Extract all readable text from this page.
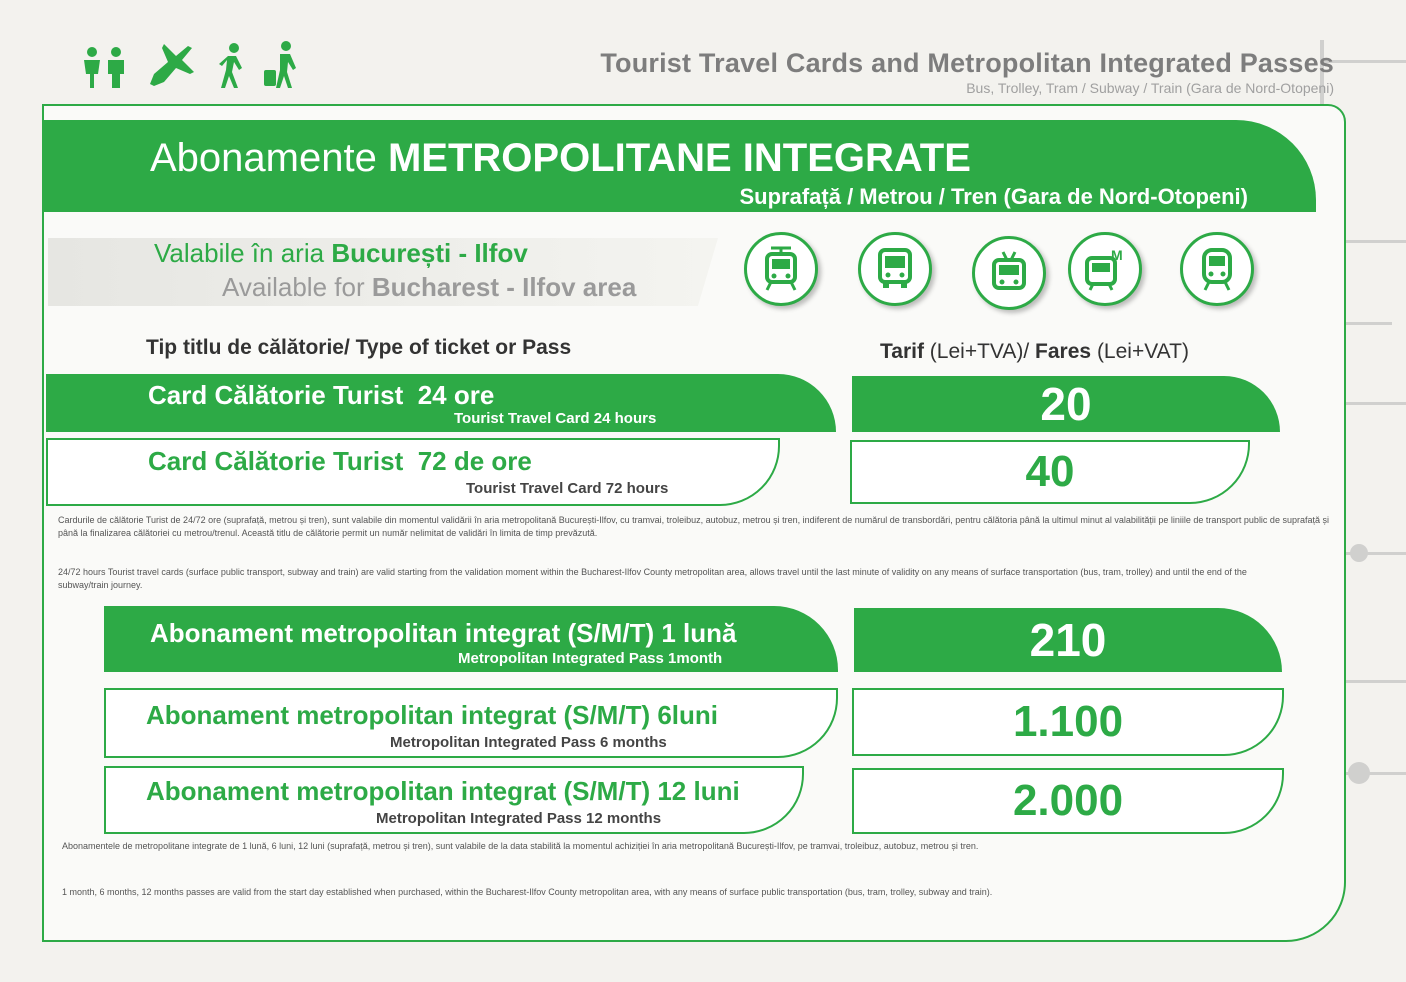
Tourist Travel Cards and Metropolitan Integrated Passes
Bus, Trolley, Tram / Subway / Train (Gara de Nord-Otopeni)
Abonamente METROPOLITANE INTEGRATE
Suprafață / Metrou / Tren (Gara de Nord-Otopeni)
Valabile în aria București - Ilfov
Available for Bucharest - Ilfov area
M
Tip titlu de călătorie/ Type of ticket or Pass	Tarif (Lei+TVA)/ Fares (Lei+VAT)
Card Călătorie Turist 24 ore
Tourist Travel Card 24 hours	20
Card Călătorie Turist 72 de ore
Tourist Travel Card 72 hours	40
Cardurile de călătorie Turist de 24/72 ore (suprafață, metrou și tren), sunt valabile din momentul validării în aria metropolitană București-Ilfov, cu tramvai, troleibuz, autobuz, metrou și tren, indiferent de numărul de transbordări, pentru călătoria până la ultimul minut al valabilității pe liniile de transport public de suprafață și până la finalizarea călătoriei cu metrou/trenul. Această titlu de călătorie permit un număr nelimitat de validări în limita de timp prevăzută.
24/72 hours Tourist travel cards (surface public transport, subway and train) are valid starting from the validation moment within the Bucharest-Ilfov County metropolitan area, allows travel until the last minute of validity on any means of surface transportation (bus, tram, trolley) and until the end of the subway/train journey.
Abonament metropolitan integrat (S/M/T) 1 lună
Metropolitan Integrated Pass 1month	210
Abonament metropolitan integrat (S/M/T) 6luni
Metropolitan Integrated Pass 6 months	1.100
Abonament metropolitan integrat (S/M/T) 12 luni
Metropolitan Integrated Pass 12 months	2.000
Abonamentele de metropolitane integrate de 1 lună, 6 luni, 12 luni (suprafață, metrou și tren), sunt valabile de la data stabilită la momentul achiziției în aria metropolitană București-Ilfov, pe tramvai, troleibuz, autobuz, metrou și tren.
1 month, 6 months, 12 months passes are valid from the start day established when purchased, within the Bucharest-Ilfov County metropolitan area, with any means of surface public transportation (bus, tram, trolley, subway and train).
